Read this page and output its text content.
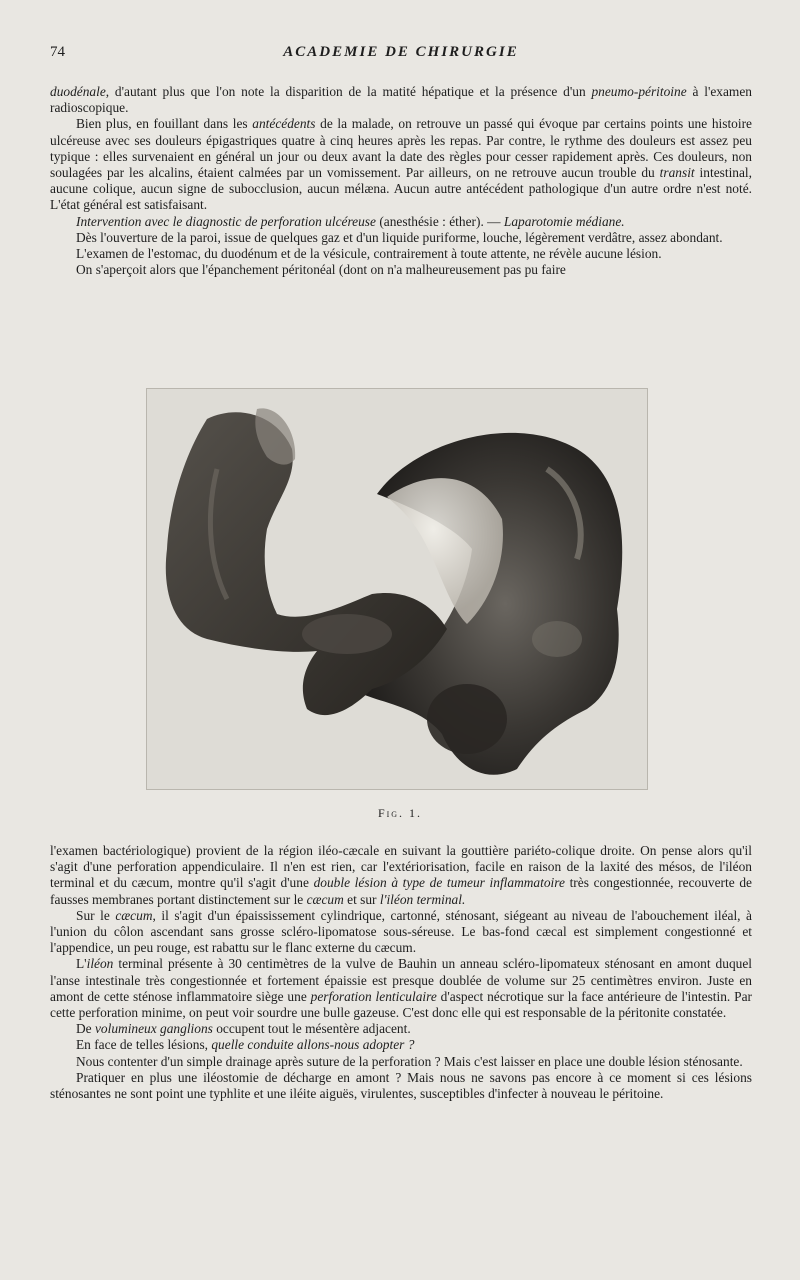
74	ACADEMIE DE CHIRURGIE

duodénale, d'autant plus que l'on note la disparition de la matité hépatique et la présence d'un pneumo-péritoine à l'examen radioscopique.

Bien plus, en fouillant dans les antécédents de la malade, on retrouve un passé qui évoque par certains points une histoire ulcéreuse avec ses douleurs épigastriques quatre à cinq heures après les repas. Par contre, le rythme des douleurs est assez peu typique : elles survenaient en général un jour ou deux avant la date des règles pour cesser rapidement après. Ces douleurs, non soulagées par les alcalins, étaient calmées par un vomissement. Par ailleurs, on ne retrouve aucun trouble du transit intestinal, aucune colique, aucun signe de subocclusion, aucun mélæna. Aucun autre antécédent pathologique d'un autre ordre n'est noté. L'état général est satisfaisant.

Intervention avec le diagnostic de perforation ulcéreuse (anesthésie : éther). — Laparotomie médiane.

Dès l'ouverture de la paroi, issue de quelques gaz et d'un liquide puriforme, louche, légèrement verdâtre, assez abondant.

L'examen de l'estomac, du duodénum et de la vésicule, contrairement à toute attente, ne révèle aucune lésion.

On s'aperçoit alors que l'épanchement péritonéal (dont on n'a malheureusement pas pu faire

Fig. 1.

l'examen bactériologique) provient de la région iléo-cæcale en suivant la gouttière pariéto-colique droite. On pense alors qu'il s'agit d'une perforation appendiculaire. Il n'en est rien, car l'extériorisation, facile en raison de la laxité des mésos, de l'iléon terminal et du cæcum, montre qu'il s'agit d'une double lésion à type de tumeur inflammatoire très congestionnée, recouverte de fausses membranes portant distinctement sur le cæcum et sur l'iléon terminal.

Sur le cæcum, il s'agit d'un épaississement cylindrique, cartonné, sténosant, siégeant au niveau de l'abouchement iléal, à l'union du côlon ascendant sans grosse scléro-lipomatose sous-séreuse. Le bas-fond cæcal est simplement congestionné et l'appendice, un peu rouge, est rabattu sur le flanc externe du cæcum.

L'iléon terminal présente à 30 centimètres de la vulve de Bauhin un anneau scléro-lipomateux sténosant en amont duquel l'anse intestinale très congestionnée et fortement épaissie est presque doublée de volume sur 25 centimètres environ. Juste en amont de cette sténose inflammatoire siège une perforation lenticulaire d'aspect nécrotique sur la face antérieure de l'intestin. Par cette perforation minime, on peut voir sourdre une bulle gazeuse. C'est donc elle qui est responsable de la péritonite constatée.

De volumineux ganglions occupent tout le mésentère adjacent.

En face de telles lésions, quelle conduite allons-nous adopter ?

Nous contenter d'un simple drainage après suture de la perforation ? Mais c'est laisser en place une double lésion sténosante.

Pratiquer en plus une iléostomie de décharge en amont ? Mais nous ne savons pas encore à ce moment si ces lésions sténosantes ne sont point une typhlite et une iléite aiguës, virulentes, susceptibles d'infecter à nouveau le péritoine.
